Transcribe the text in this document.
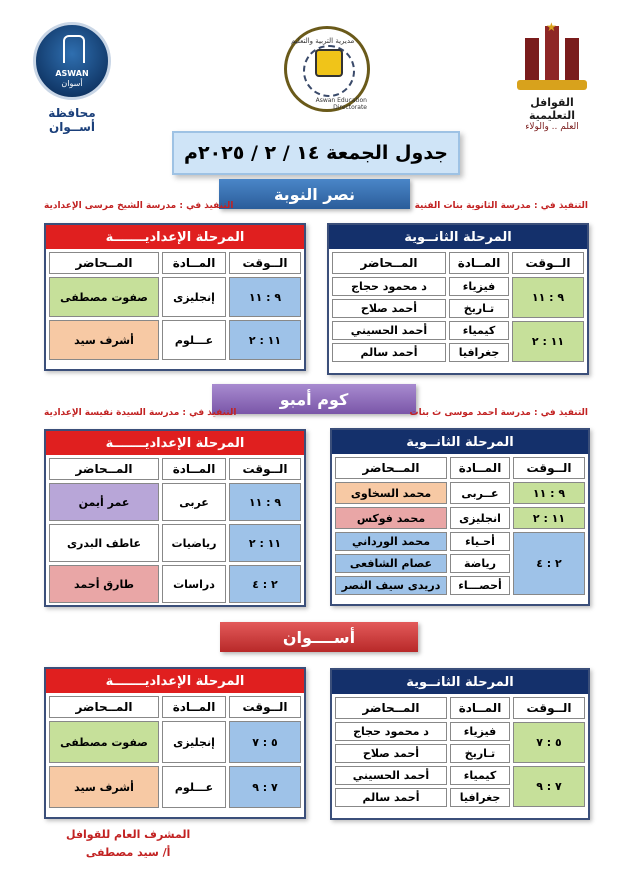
ASWAN
أسوان
محافظة أســوان
مديرية التربية والتعليم
Aswan Education Directorate
★
القوافل التعليمية
العلم .. والولاء
جدول الجمعة ١٤ / ٢ / ٢٠٢٥م
نصر النوبة
التنفيذ في : مدرسة الثانوية بنات الفنية
التنفيذ في : مدرسة الشيخ مرسى الإعدادية
المرحلة الثانــوية
الــوقت	المــادة	المــحاضر
٩ : ١١	فيزياء	د محمود حجاج
	تـاريخ	أحمد صلاح
١١ : ٢	كيمياء	أحمد الحسيني
	جغرافيا	أحمد سالم
المرحلة الإعداديـــــــة
الــوقت	المــادة	المــحاضر
٩ : ١١	إنجليزى	صفوت مصطفى
١١ : ٢	عـــلوم	أشرف سيد
كوم أمبو
التنفيذ في : مدرسة احمد موسى ث بنات
التنفيذ في : مدرسة السيدة نفيسة الإعدادية
المرحلة الثانــوية
الــوقت	المــادة	المــحاضر
٩ : ١١	عــربى	محمد السخاوى
١١ : ٢	انجليزى	محمد فوكس
٢ : ٤	أحـياء	محمد الورداني
	رياضة	عصام الشافعى
	أحصـــاء	دريدى سيف النصر
المرحلة الإعداديـــــــة
الــوقت	المــادة	المــحاضر
٩ : ١١	عربى	عمر أيمن
١١ : ٢	رياضيات	عاطف البدرى
٢ : ٤	دراسات	طارق أحمد
أســــوان
المرحلة الثانــوية
الــوقت	المــادة	المــحاضر
٥ : ٧	فيزياء	د محمود حجاج
	تـاريخ	أحمد صلاح
٧ : ٩	كيمياء	أحمد الحسيني
	جغرافيا	أحمد سالم
المرحلة الإعداديـــــــة
الــوقت	المــادة	المــحاضر
٥ : ٧	إنجليزى	صفوت مصطفى
٧ : ٩	عـــلوم	أشرف سيد
المشرف العام للقوافل
أ/ سيد مصطفى
